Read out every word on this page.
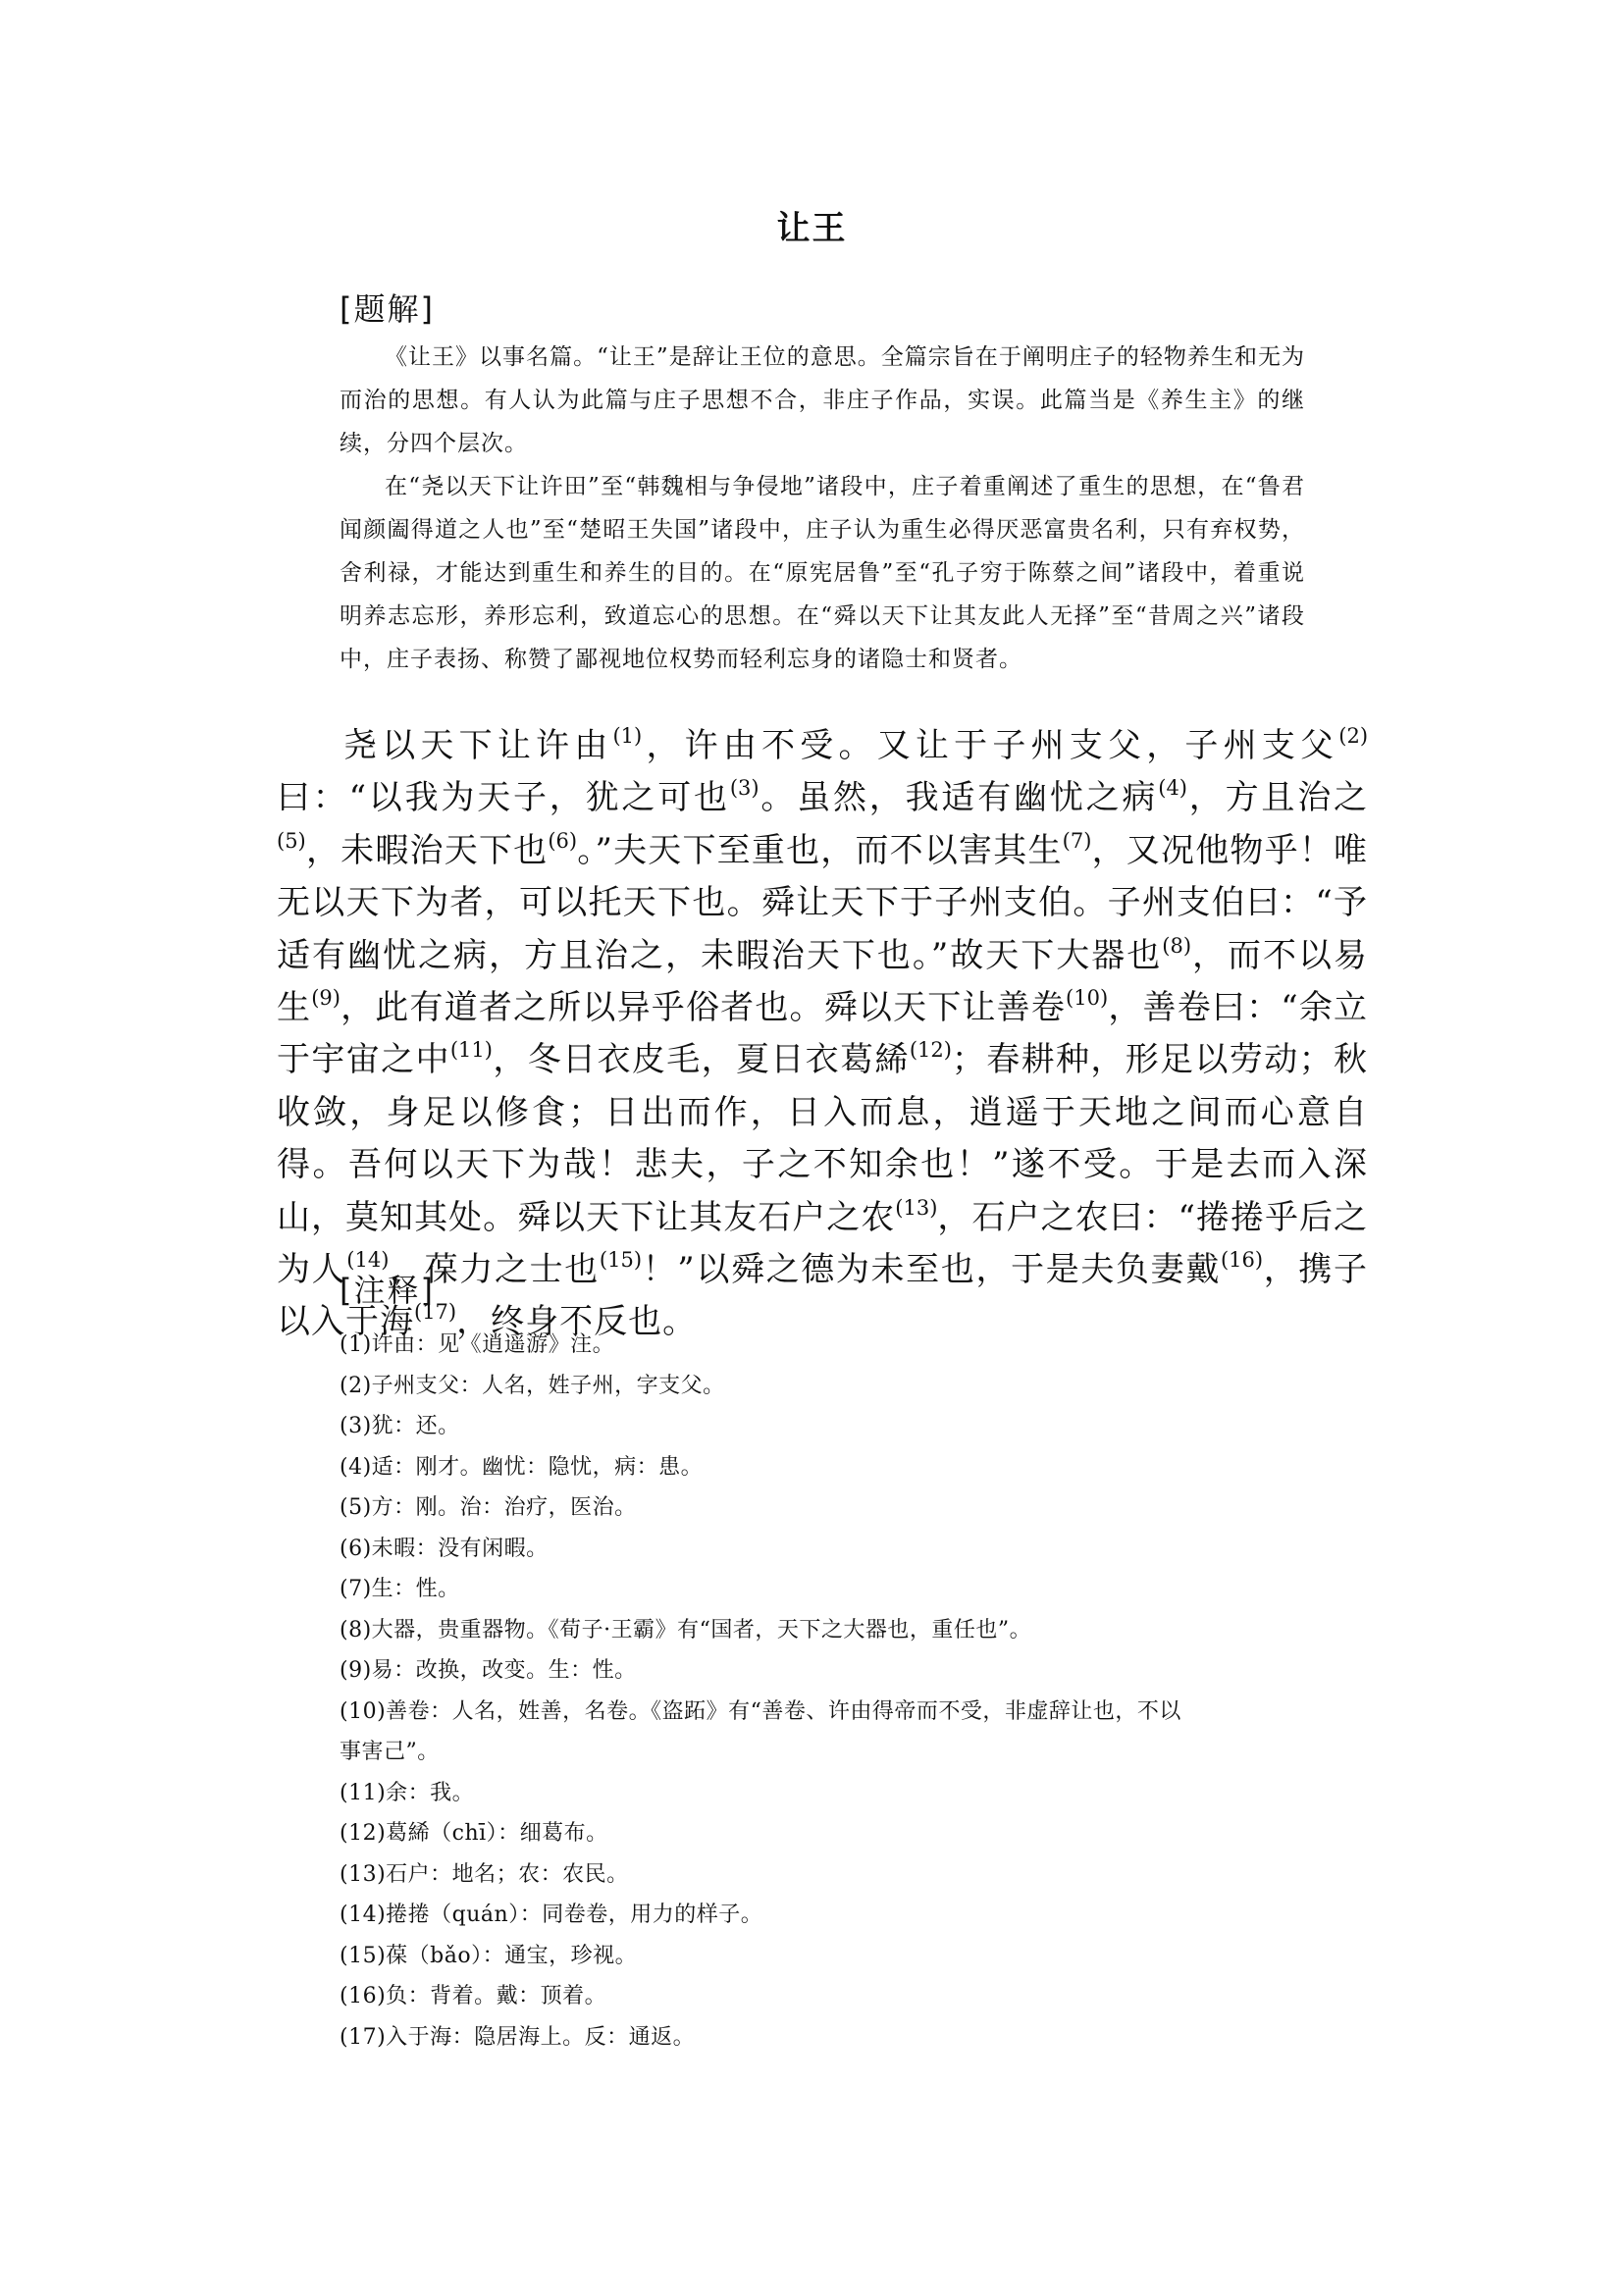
让王
[题解]

《让王》以事名篇。“让王”是辞让王位的意思。全篇宗旨在于阐明庄子的轻物养生和无为而治的思想。有人认为此篇与庄子思想不合，非庄子作品，实误。此篇当是《养生主》的继续，分四个层次。

在“尧以天下让许田”至“韩魏相与争侵地”诸段中，庄子着重阐述了重生的思想，在“鲁君闻颜阖得道之人也”至“楚昭王失国”诸段中，庄子认为重生必得厌恶富贵名利，只有弃权势，舍利禄，才能达到重生和养生的目的。在“原宪居鲁”至“孔子穷于陈蔡之间”诸段中，着重说明养志忘形，养形忘利，致道忘心的思想。在“舜以天下让其友此人无择”至“昔周之兴”诸段中，庄子表扬、称赞了鄙视地位权势而轻利忘身的诸隐士和贤者。

尧以天下让许由$^{(1)}$，许由不受。又让于子州支父，子州支父$^{(2)}$曰：“以我为天子，犹之可也$^{(3)}$。虽然，我适有幽忧之病$^{(4)}$，方且治之$^{(5)}$，未暇治天下也$^{(6)}$。”夫天下至重也，而不以害其生$^{(7)}$，又况他物乎！唯无以天下为者，可以托天下也。舜让天下于子州支伯。子州支伯曰：“予适有幽忧之病，方且治之，未暇治天下也。”故天下大器也$^{(8)}$，而不以易生$^{(9)}$，此有道者之所以异乎俗者也。舜以天下让善卷$^{(10)}$，善卷曰：“余立于宇宙之中$^{(11)}$，冬日衣皮毛，夏日衣葛絺$^{(12)}$；春耕种，形足以劳动；秋收敛，身足以修食；日出而作，日入而息，逍遥于天地之间而心意自得。吾何以天下为哉！悲夫，子之不知余也！”遂不受。于是去而入深山，莫知其处。舜以天下让其友石户之农$^{(13)}$，石户之农曰：“捲捲乎后之为人$^{(14)}$，葆力之士也$^{(15)}$！”以舜之德为未至也，于是夫负妻戴$^{(16)}$，携子以入于海$^{(17)}$，终身不反也。

[注释]
(1)许由：见《逍遥游》注。
(2)子州支父：人名，姓子州，字支父。
(3)犹：还。
(4)适：刚才。幽忧：隐忧，病：患。
(5)方：刚。治：治疗，医治。
(6)未暇：没有闲暇。
(7)生：性。
(8)大器，贵重器物。《荀子·王霸》有“国者，天下之大器也，重任也”。
(9)易：改换，改变。生：性。
(10)善卷：人名，姓善，名卷。《盗跖》有“善卷、许由得帝而不受，非虚辞让也，不以事害己”。
(11)余：我。
(12)葛絺（chī）：细葛布。
(13)石户：地名；农：农民。
(14)捲捲（quán）：同卷卷，用力的样子。
(15)葆（bǎo）：通宝，珍视。
(16)负：背着。戴：顶着。
(17)入于海：隐居海上。反：通返。
